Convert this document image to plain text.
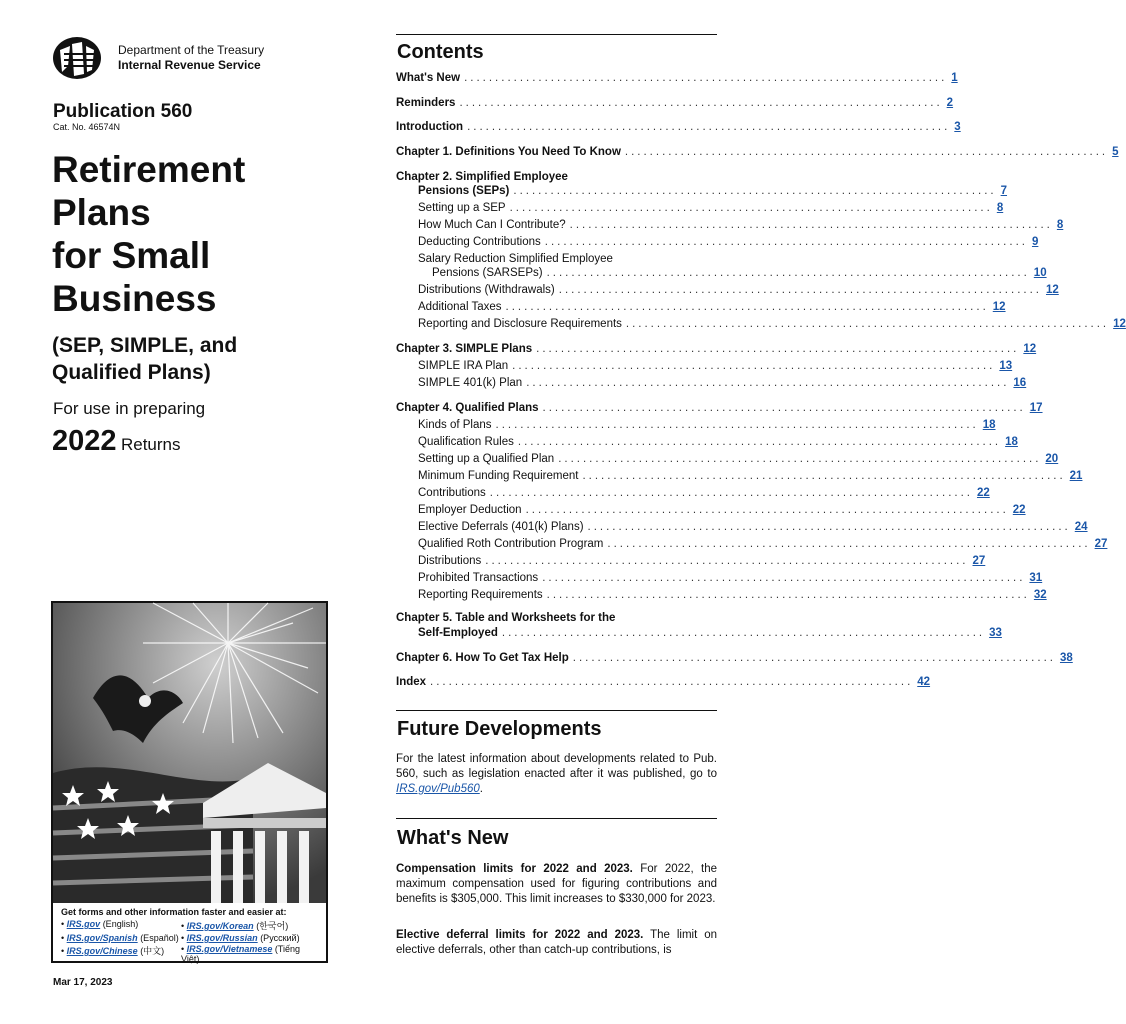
Department of the Treasury
Internal Revenue Service
Publication 560
Cat. No. 46574N
Retirement
Plans
for Small
Business
(SEP, SIMPLE, and
Qualified Plans)
For use in preparing
2022 Returns
Get forms and other information faster and easier at:
• IRS.gov (English)	• IRS.gov/Korean (한국어)
• IRS.gov/Spanish (Español) • IRS.gov/Russian (Русский)
• IRS.gov/Chinese (中文)	• IRS.gov/Vietnamese (Tiếng Việt)
Mar 17, 2023
Contents
What's New .............................................................................. 1
Reminders .............................................................................. 2
Introduction .............................................................................. 3
Chapter 1. Definitions You Need To Know .............................................................................. 5
Chapter 2. Simplified Employee
Pensions (SEPs) .............................................................................. 7
Setting up a SEP .............................................................................. 8
How Much Can I Contribute? .............................................................................. 8
Deducting Contributions .............................................................................. 9
Salary Reduction Simplified Employee
Pensions (SARSEPs) .............................................................................. 10
Distributions (Withdrawals) .............................................................................. 12
Additional Taxes .............................................................................. 12
Reporting and Disclosure Requirements .............................................................................. 12
Chapter 3. SIMPLE Plans .............................................................................. 12
SIMPLE IRA Plan .............................................................................. 13
SIMPLE 401(k) Plan .............................................................................. 16
Chapter 4. Qualified Plans .............................................................................. 17
Kinds of Plans .............................................................................. 18
Qualification Rules .............................................................................. 18
Setting up a Qualified Plan .............................................................................. 20
Minimum Funding Requirement .............................................................................. 21
Contributions .............................................................................. 22
Employer Deduction .............................................................................. 22
Elective Deferrals (401(k) Plans) .............................................................................. 24
Qualified Roth Contribution Program .............................................................................. 27
Distributions .............................................................................. 27
Prohibited Transactions .............................................................................. 31
Reporting Requirements .............................................................................. 32
Chapter 5. Table and Worksheets for the
Self-Employed .............................................................................. 33
Chapter 6. How To Get Tax Help .............................................................................. 38
Index .............................................................................. 42
Future Developments
For the latest information about developments related to Pub. 560, such as legislation enacted after it was published, go to IRS.gov/Pub560.
What's New
Compensation limits for 2022 and 2023. For 2022, the maximum compensation used for figuring contributions and benefits is $305,000. This limit increases to $330,000 for 2023.
Elective deferral limits for 2022 and 2023. The limit on elective deferrals, other than catch-up contributions, is
